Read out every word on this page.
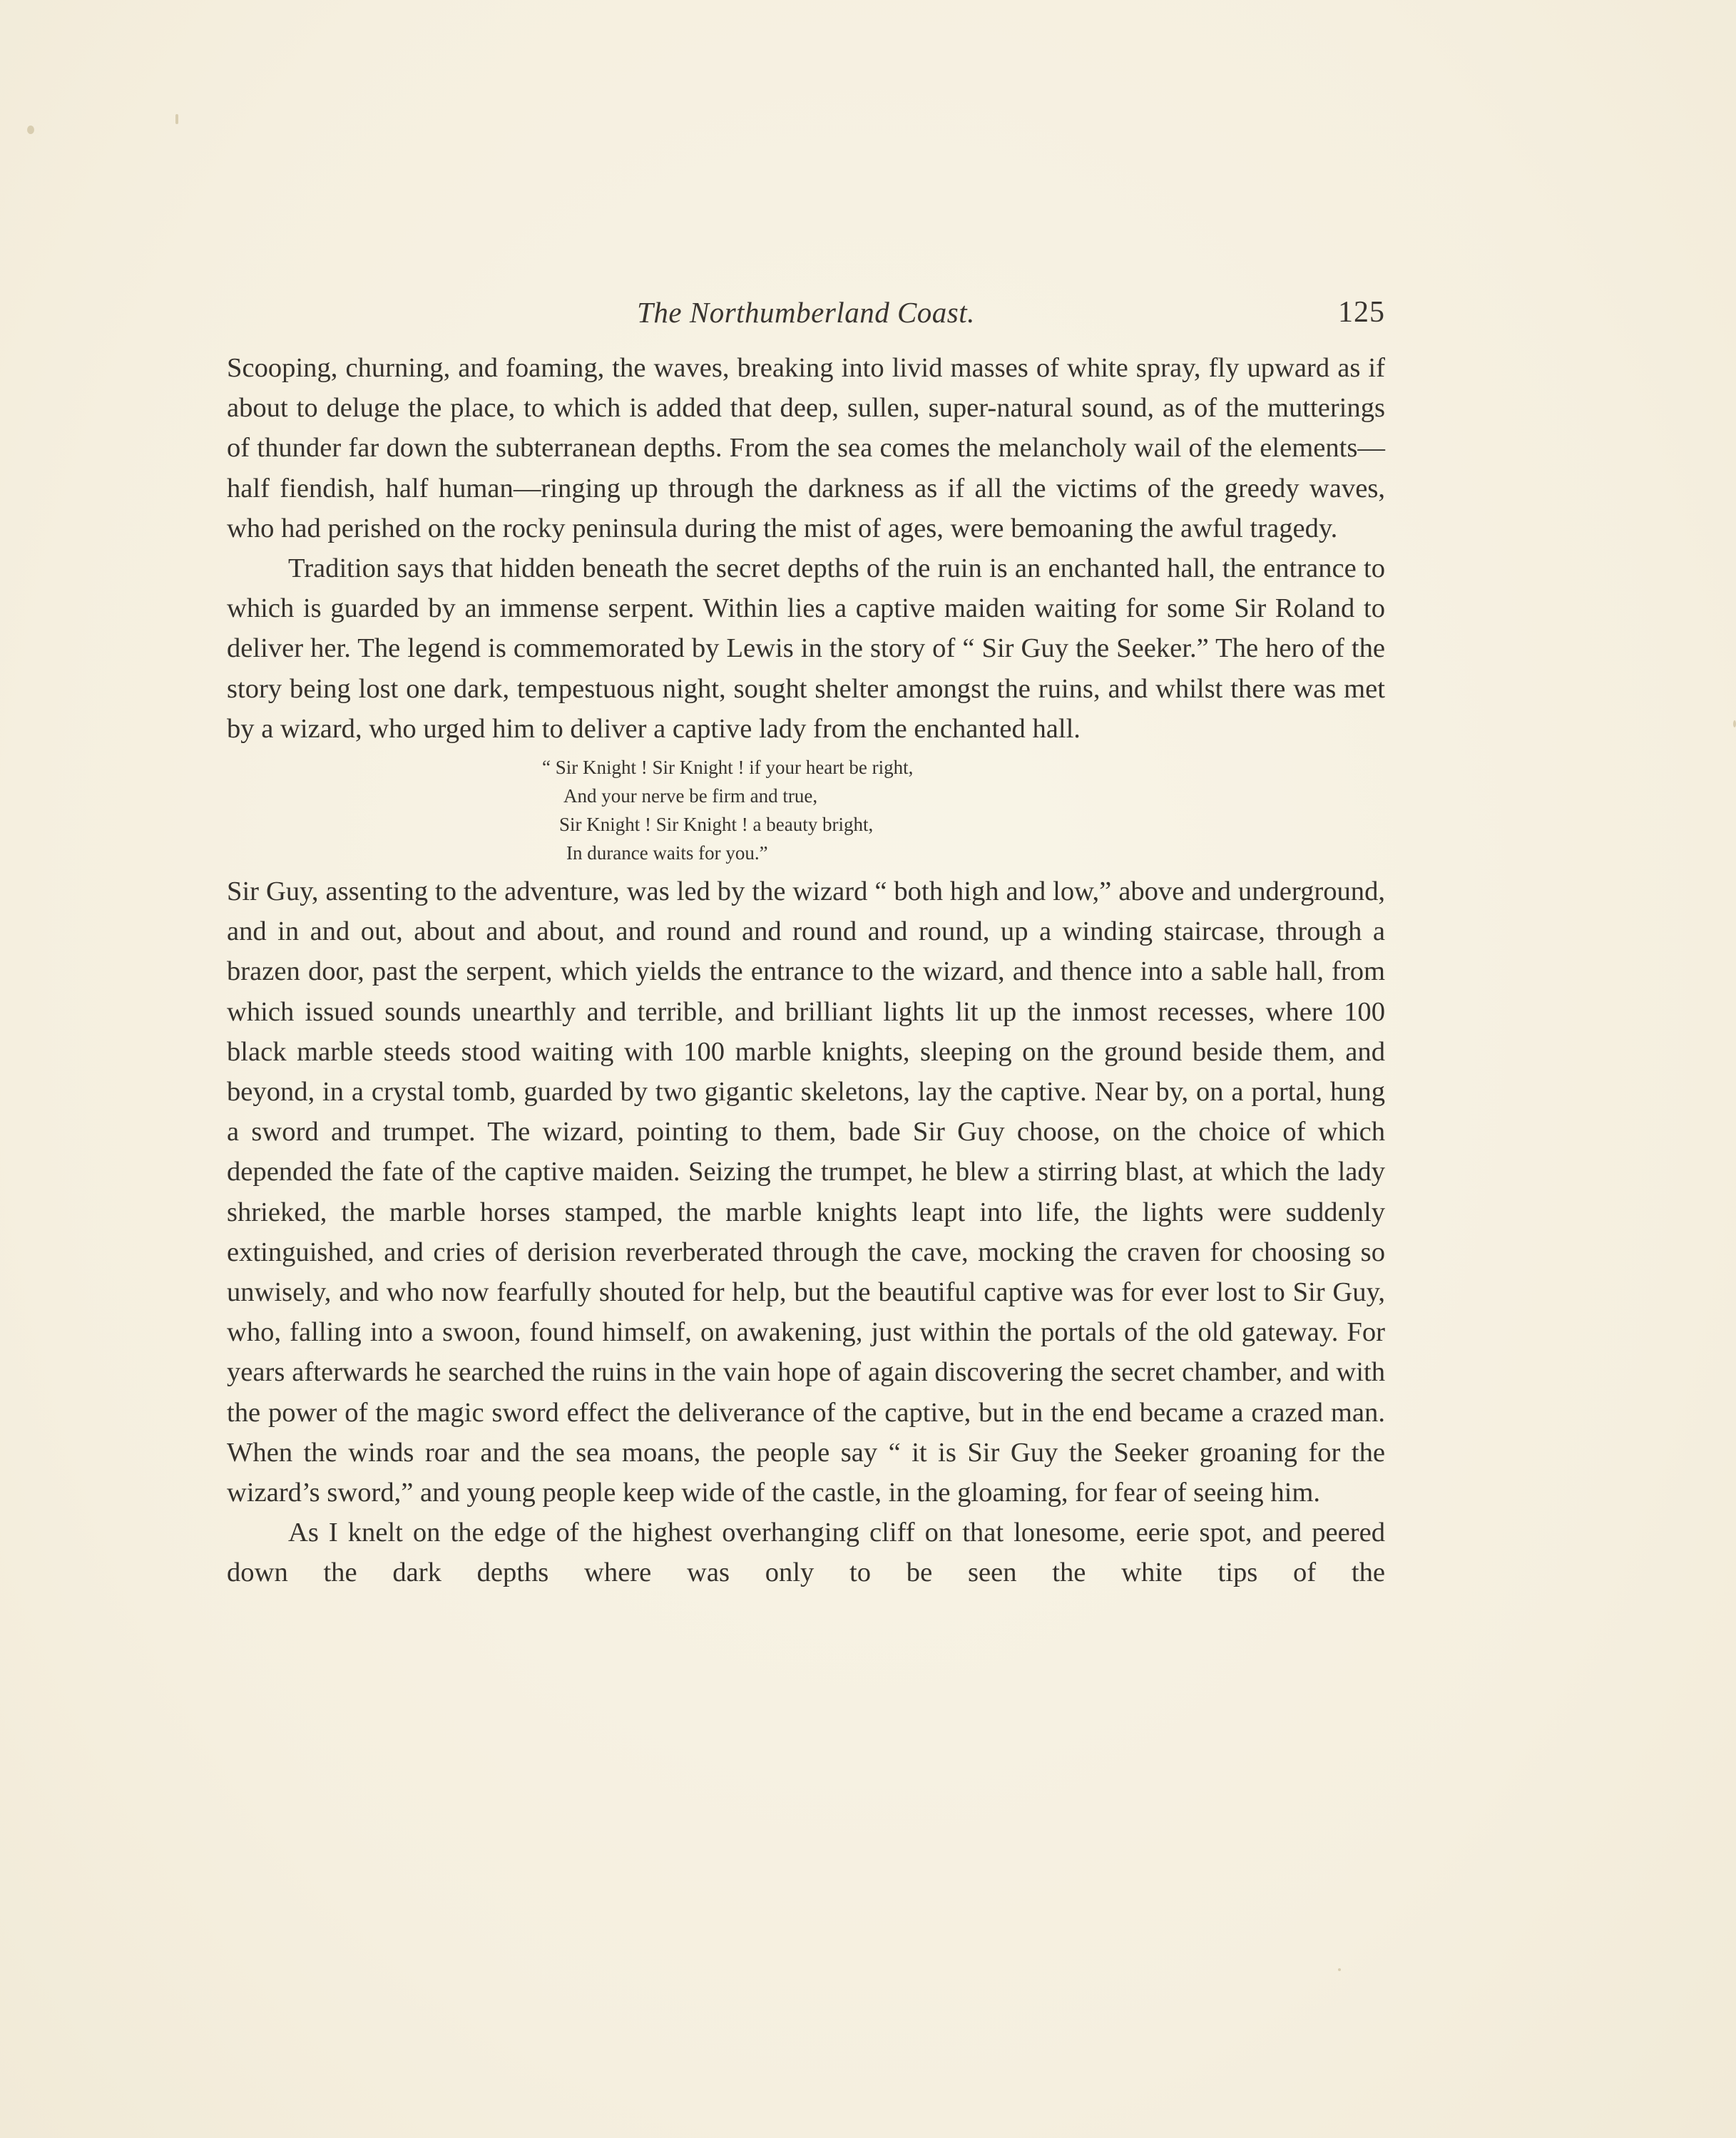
The Northumberland Coast.	125

Scooping, churning, and foaming, the waves, breaking into livid masses of white spray, fly upward as if about to deluge the place, to which is added that deep, sullen, super-natural sound, as of the mutterings of thunder far down the subterranean depths. From the sea comes the melancholy wail of the elements—half fiendish, half human—ringing up through the darkness as if all the victims of the greedy waves, who had perished on the rocky peninsula during the mist of ages, were bemoaning the awful tragedy.

Tradition says that hidden beneath the secret depths of the ruin is an enchanted hall, the entrance to which is guarded by an immense serpent. Within lies a captive maiden waiting for some Sir Roland to deliver her. The legend is commemorated by Lewis in the story of “ Sir Guy the Seeker.” The hero of the story being lost one dark, tempestuous night, sought shelter amongst the ruins, and whilst there was met by a wizard, who urged him to deliver a captive lady from the enchanted hall.

“ Sir Knight ! Sir Knight ! if your heart be right,
And your nerve be firm and true,
Sir Knight ! Sir Knight ! a beauty bright,
In durance waits for you.”

Sir Guy, assenting to the adventure, was led by the wizard “ both high and low,” above and underground, and in and out, about and about, and round and round and round, up a winding staircase, through a brazen door, past the serpent, which yields the entrance to the wizard, and thence into a sable hall, from which issued sounds unearthly and terrible, and brilliant lights lit up the inmost recesses, where 100 black marble steeds stood waiting with 100 marble knights, sleeping on the ground beside them, and beyond, in a crystal tomb, guarded by two gigantic skeletons, lay the captive. Near by, on a portal, hung a sword and trumpet. The wizard, pointing to them, bade Sir Guy choose, on the choice of which depended the fate of the captive maiden. Seizing the trumpet, he blew a stirring blast, at which the lady shrieked, the marble horses stamped, the marble knights leapt into life, the lights were suddenly extinguished, and cries of derision reverberated through the cave, mocking the craven for choosing so unwisely, and who now fearfully shouted for help, but the beautiful captive was for ever lost to Sir Guy, who, falling into a swoon, found himself, on awakening, just within the portals of the old gateway. For years afterwards he searched the ruins in the vain hope of again discovering the secret chamber, and with the power of the magic sword effect the deliverance of the captive, but in the end became a crazed man. When the winds roar and the sea moans, the people say “ it is Sir Guy the Seeker groaning for the wizard’s sword,” and young people keep wide of the castle, in the gloaming, for fear of seeing him.

As I knelt on the edge of the highest overhanging cliff on that lonesome, eerie spot, and peered down the dark depths where was only to be seen the white tips of the
